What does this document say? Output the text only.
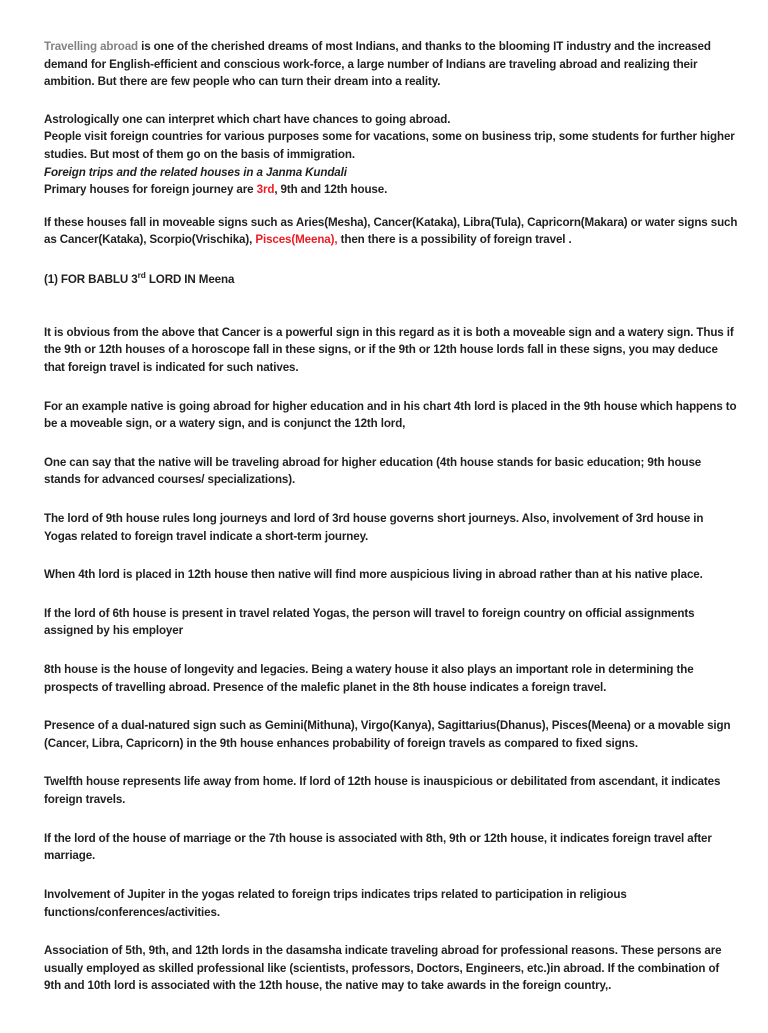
Travelling abroad is one of the cherished dreams of most Indians, and thanks to the blooming IT industry and the increased demand for English-efficient and conscious work-force, a large number of Indians are traveling abroad and realizing their ambition. But there are few people who can turn their dream into a reality.

Astrologically one can interpret which chart have chances to going abroad.

People visit foreign countries for various purposes some for vacations, some on business trip, some students for further higher studies. But most of them go on the basis of immigration.

Foreign trips and the related houses in a Janma Kundali

Primary houses for foreign journey are 3rd, 9th and 12th house.

If these houses fall in moveable signs such as Aries(Mesha), Cancer(Kataka), Libra(Tula), Capricorn(Makara) or water signs such as Cancer(Kataka), Scorpio(Vrischika), Pisces(Meena), then there is a possibility of foreign travel .

(1) FOR BABLU 3rd LORD IN Meena

It is obvious from the above that Cancer is a powerful sign in this regard as it is both a moveable sign and a watery sign. Thus if the 9th or 12th houses of a horoscope fall in these signs, or if the 9th or 12th house lords fall in these signs, you may deduce that foreign travel is indicated for such natives.

For an example native is going abroad for higher education and in his chart 4th lord is placed in the 9th house which happens to be a moveable sign, or a watery sign, and is conjunct the 12th lord,

One can say that the native will be traveling abroad for higher education (4th house stands for basic education; 9th house stands for advanced courses/ specializations).

The lord of 9th house rules long journeys and lord of 3rd house governs short journeys. Also, involvement of 3rd house in Yogas related to foreign travel indicate a short-term journey.

When 4th lord is placed in 12th house then native will find more auspicious living in abroad rather than at his native place.

If the lord of 6th house is present in travel related Yogas, the person will travel to foreign country on official assignments assigned by his employer

8th house is the house of longevity and legacies. Being a watery house it also plays an important role in determining the prospects of travelling abroad. Presence of the malefic planet in the 8th house indicates a foreign travel.

Presence of a dual-natured sign such as Gemini(Mithuna), Virgo(Kanya), Sagittarius(Dhanus), Pisces(Meena) or a movable sign (Cancer, Libra, Capricorn) in the 9th house enhances probability of foreign travels as compared to fixed signs.

Twelfth house represents life away from home. If lord of 12th house is inauspicious or debilitated from ascendant, it indicates foreign travels.

If the lord of the house of marriage or the 7th house is associated with 8th, 9th or 12th house, it indicates foreign travel after marriage.

Involvement of Jupiter in the yogas related to foreign trips indicates trips related to participation in religious functions/conferences/activities.

Association of 5th, 9th, and 12th lords in the dasamsha indicate traveling abroad for professional reasons. These persons are usually employed as skilled professional like (scientists, professors, Doctors, Engineers, etc.)in abroad. If the combination of 9th and 10th lord is associated with the 12th house, the native may to take awards in the foreign country,.
